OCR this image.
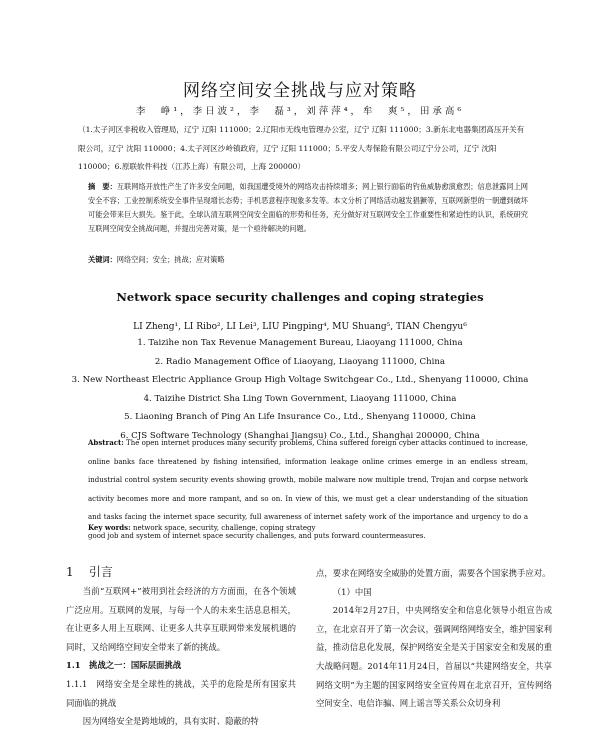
网络空间安全挑战与应对策略
李　峥¹，李日波²，李　磊³，刘萍萍⁴，牟　爽⁵，田承高⁶
（1.太子河区非税收入管理局，辽宁 辽阳 111000；2.辽阳市无线电管理办公室，辽宁 辽阳 111000；3.新东北电器集团高压开关有限公司，辽宁 沈阳 110000；4.太子河区沙岭镇政府，辽宁 辽阳 111000；5.平安人寿保险有限公司辽宁分公司，辽宁 沈阳 110000；6.原联软件科技（江苏上海）有限公司，上海 200000）
摘　要：互联网络开放性产生了许多安全问题，如我国遭受境外的网络攻击持续增多；网上银行面临的钓鱼威胁愈演愈烈；信息泄露同上网安全不容；工业控制系统安全事件呈现增长态势；手机恶意程序现象多发等。本文分析了网络活动越发猖獗等，互联网新型的一朝遭到破坏可能会带来巨大损失。鉴于此，全球认清互联网空间安全面临的形势和任务，充分做好对互联网安全工作重要性和紧迫性的认识，系统研究互联网空间安全挑战问题，并提出完善对策，是一个亟待解决的问题。
关键词：网络空间；安全；挑战；应对策略
Network space security challenges and coping strategies
LI Zheng¹, LI Ribo², LI Lei³, LIU Pingping⁴, MU Shuang⁵, TIAN Chengyu⁶
1. Taizihe non Tax Revenue Management Bureau, Liaoyang 111000, China
2. Radio Management Office of Liaoyang, Liaoyang 111000, China
3. New Northeast Electric Appliance Group High Voltage Switchgear Co., Ltd., Shenyang 110000, China
4. Taizihe District Sha Ling Town Government, Liaoyang 111000, China
5. Liaoning Branch of Ping An Life Insurance Co., Ltd., Shenyang 110000, China
6. CJS Software Technology (Shanghai Jiangsu) Co., Ltd., Shanghai 200000, China
Abstract: The open internet produces many security problems, China suffered foreign cyber attacks continued to increase, online banks face threatened by fishing intensified, information leakage online crimes emerge in an endless stream, industrial control system security events showing growth, mobile malware now multiple trend, Trojan and corpse network activity becomes more and more rampant, and so on. In view of this, we must get a clear understanding of the situation and tasks facing the internet space security, full awareness of internet safety work of the importance and urgency to do a good job and system of internet space security challenges, and puts forward countermeasures.
Key words: network space, security, challenge, coping strategy
1 引言

当前“互联网+”被用到社会经济的方方面面，在各个领域广泛应用。互联网的发展，与每一个人的未来生活息息相关，在让更多人用上互联网、让更多人共享互联网带来发展机遇的同时，又给网络空间安全带来了新的挑战。

1.1　挑战之一：国际层面挑战

1.1.1　网络安全是全球性的挑战，关乎的危险是所有国家共同面临的挑战

因为网络安全是跨地域的，具有实时、隐蔽的特

点，要求在网络安全威胁的处置方面，需要各个国家携手应对。

（1）中国

2014年2月27日，中央网络安全和信息化领导小组宣告成立，在北京召开了第一次会议，强调网络网络安全，维护国家利益，推动信息化发展，保护网络安全是关于国家安全和发展的重大战略问题。2014年11月24日，首届以“共建网络安全，共享网络文明”为主题的国家网络安全宣传周在北京召开，宣传网络空间安全、电信诈骗、网上谣言等关系公众切身利
